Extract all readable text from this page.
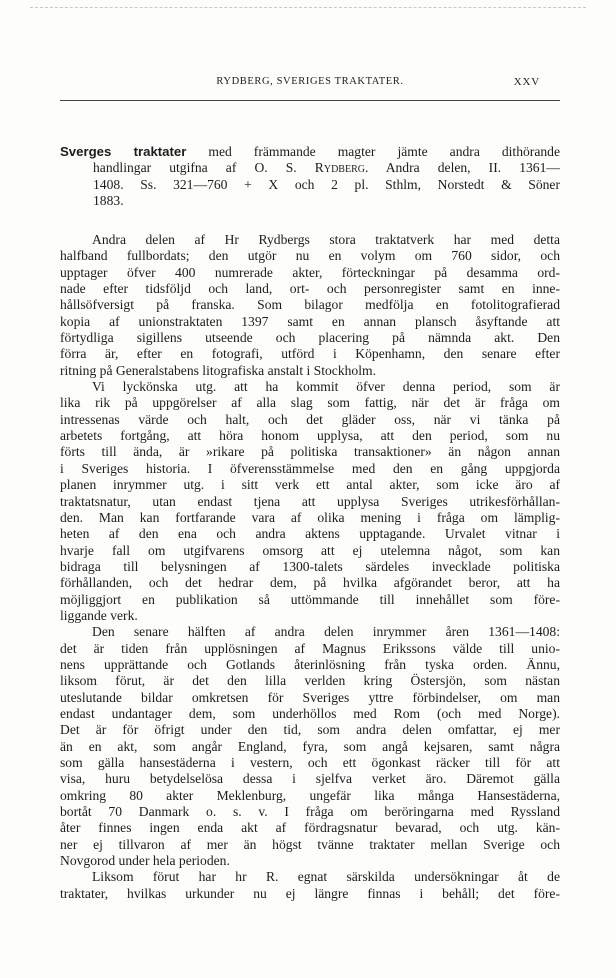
RYDBERG, SVERIGES TRAKTATER.	XXV
Sverges traktater med främmande magter jämte andra dithörande
handlingar utgifna af O. S. Rydberg. Andra delen, II. 1361—
1408. Ss. 321—760 + X och 2 pl. Sthlm, Norstedt & Söner
1883.
Andra delen af Hr Rydbergs stora traktatverk har med detta
halfband fullbordats; den utgör nu en volym om 760 sidor, och
upptager öfver 400 numrerade akter, förteckningar på desamma ord-
nade efter tidsföljd och land, ort- och personregister samt en inne-
hållsöfversigt på franska. Som bilagor medfölja en fotolitografierad
kopia af unionstraktaten 1397 samt en annan plansch åsyftande att
förtydliga sigillens utseende och placering på nämnda akt. Den
förra är, efter en fotografi, utförd i Köpenhamn, den senare efter
ritning på Generalstabens litografiska anstalt i Stockholm.
Vi lyckönska utg. att ha kommit öfver denna period, som är
lika rik på uppgörelser af alla slag som fattig, när det är fråga om
intressenas värde och halt, och det gläder oss, när vi tänka på
arbetets fortgång, att höra honom upplysa, att den period, som nu
förts till ända, är »rikare på politiska transaktioner» än någon annan
i Sveriges historia. I öfverensstämmelse med den en gång uppgjorda
planen inrymmer utg. i sitt verk ett antal akter, som icke äro af
traktatsnatur, utan endast tjena att upplysa Sveriges utrikesförhållan-
den. Man kan fortfarande vara af olika mening i fråga om lämplig-
heten af den ena och andra aktens upptagande. Urvalet vitnar i
hvarje fall om utgifvarens omsorg att ej utelemna något, som kan
bidraga till belysningen af 1300-talets särdeles invecklade politiska
förhållanden, och det hedrar dem, på hvilka afgörandet beror, att ha
möjliggjort en publikation så uttömmande till innehållet som före-
liggande verk.
Den senare hälften af andra delen inrymmer åren 1361—1408:
det är tiden från upplösningen af Magnus Erikssons välde till unio-
nens upprättande och Gotlands återinlösning från tyska orden. Ännu,
liksom förut, är det den lilla verlden kring Östersjön, som nästan
uteslutande bildar omkretsen för Sveriges yttre förbindelser, om man
endast undantager dem, som underhöllos med Rom (och med Norge).
Det är för öfrigt under den tid, som andra delen omfattar, ej mer
än en akt, som angår England, fyra, som angå kejsaren, samt några
som gälla hansestäderna i vestern, och ett ögonkast räcker till för att
visa, huru betydelselösa dessa i sjelfva verket äro. Däremot gälla
omkring 80 akter Meklenburg, ungefär lika många Hansestäderna,
bortåt 70 Danmark o. s. v. I fråga om beröringarna med Ryssland
åter finnes ingen enda akt af fördragsnatur bevarad, och utg. kän-
ner ej tillvaron af mer än högst tvänne traktater mellan Sverige och
Novgorod under hela perioden.
Liksom förut har hr R. egnat särskilda undersökningar åt de
traktater, hvilkas urkunder nu ej längre finnas i behåll; det före-
